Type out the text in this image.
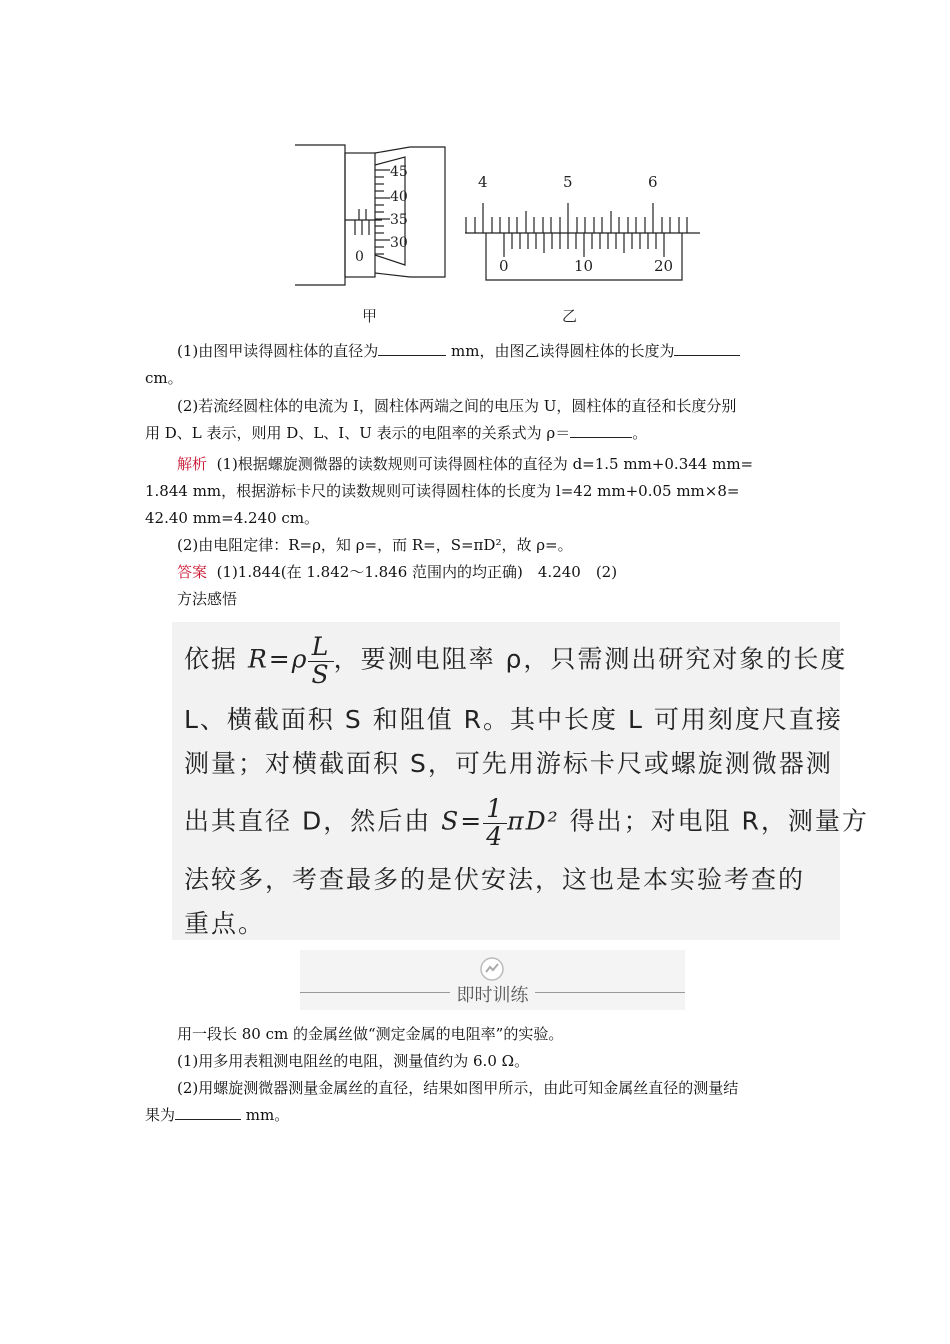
45
40
35
30
0
甲
4	5	6
0	10	20
乙
(1)由图甲读得圆柱体的直径为	mm，由图乙读得圆柱体的长度为
cm。
(2)若流经圆柱体的电流为 I，圆柱体两端之间的电压为 U，圆柱体的直径和长度分别
用 D、L 表示，则用 D、L、I、U 表示的电阻率的关系式为 ρ＝	。
解析 (1)根据螺旋测微器的读数规则可读得圆柱体的直径为 d=1.5 mm+0.344 mm=
1.844 mm，根据游标卡尺的读数规则可读得圆柱体的长度为 l=42 mm+0.05 mm×8=
42.40 mm=4.240 cm。
(2)由电阻定律：R=ρ，知 ρ=，而 R=，S=πD²，故 ρ=。
答案 (1)1.844(在 1.842～1.846 范围内的均正确)　4.240　(2)
方法感悟
依据 $R=\rho \frac{L}{S}$ ，要测电阻率 ρ，只需测出研究对象的长度
L、横截面积 S 和阻值 R。其中长度 L 可用刻度尺直接
测量；对横截面积 S，可先用游标卡尺或螺旋测微器测
出其直径 D，然后由 $S= \frac{1}{4} \pi D^2$ 得出；对电阻 R，测量方
法较多，考查最多的是伏安法，这也是本实验考查的
重点。
即时训练
用一段长 80 cm 的金属丝做“测定金属的电阻率”的实验。
(1)用多用表粗测电阻丝的电阻，测量值约为 6.0 Ω。
(2)用螺旋测微器测量金属丝的直径，结果如图甲所示，由此可知金属丝直径的测量结
果为	mm。
